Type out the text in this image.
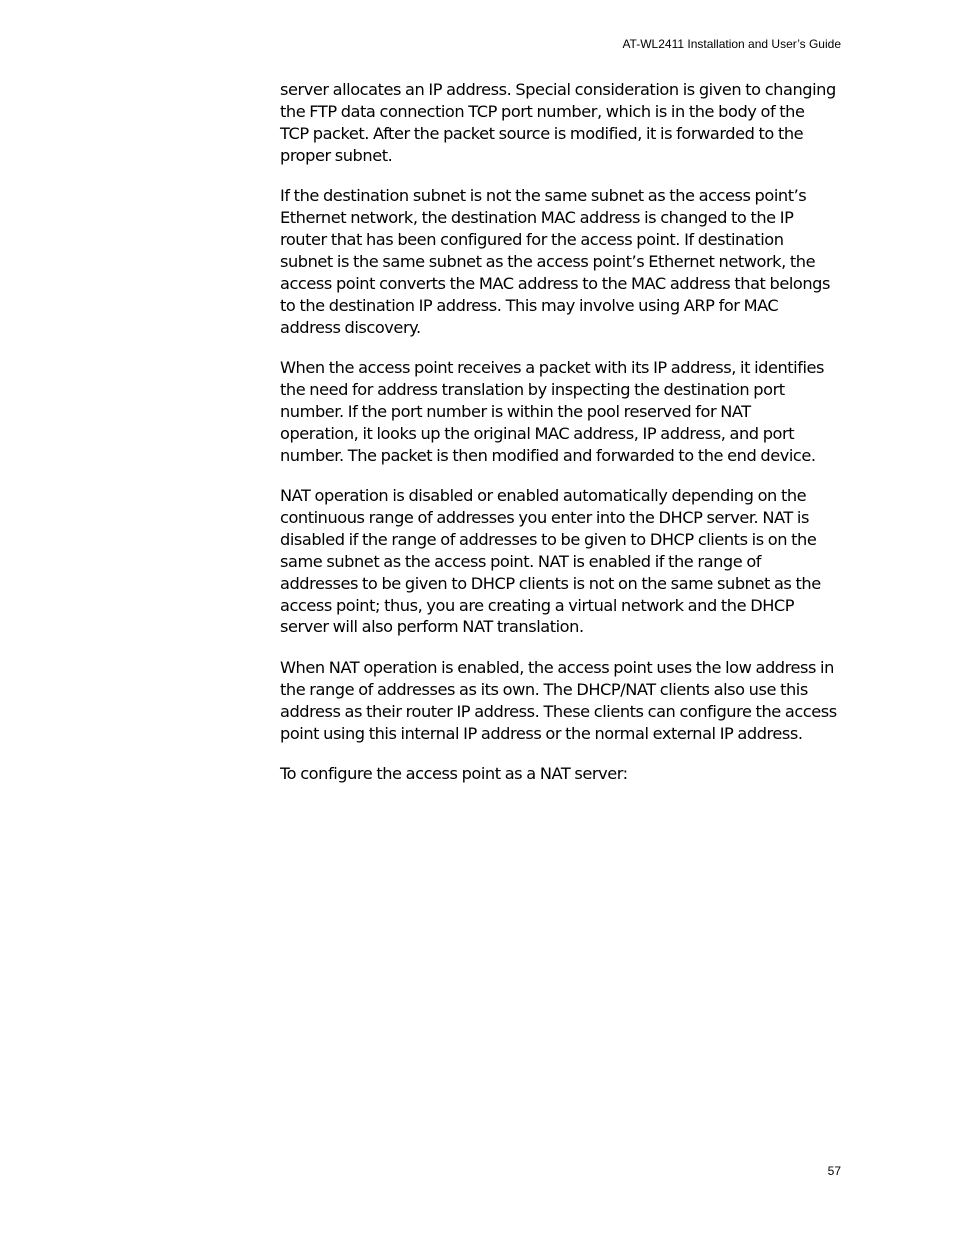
AT-WL2411 Installation and User’s Guide

server allocates an IP address. Special consideration is given to changing
the FTP data connection TCP port number, which is in the body of the
TCP packet. After the packet source is modified, it is forwarded to the
proper subnet.

If the destination subnet is not the same subnet as the access point’s
Ethernet network, the destination MAC address is changed to the IP
router that has been configured for the access point. If destination
subnet is the same subnet as the access point’s Ethernet network, the
access point converts the MAC address to the MAC address that belongs
to the destination IP address. This may involve using ARP for MAC
address discovery.

When the access point receives a packet with its IP address, it identifies
the need for address translation by inspecting the destination port
number. If the port number is within the pool reserved for NAT
operation, it looks up the original MAC address, IP address, and port
number. The packet is then modified and forwarded to the end device.

NAT operation is disabled or enabled automatically depending on the
continuous range of addresses you enter into the DHCP server. NAT is
disabled if the range of addresses to be given to DHCP clients is on the
same subnet as the access point. NAT is enabled if the range of
addresses to be given to DHCP clients is not on the same subnet as the
access point; thus, you are creating a virtual network and the DHCP
server will also perform NAT translation.

When NAT operation is enabled, the access point uses the low address in
the range of addresses as its own. The DHCP/NAT clients also use this
address as their router IP address. These clients can configure the access
point using this internal IP address or the normal external IP address.

To configure the access point as a NAT server:

57
